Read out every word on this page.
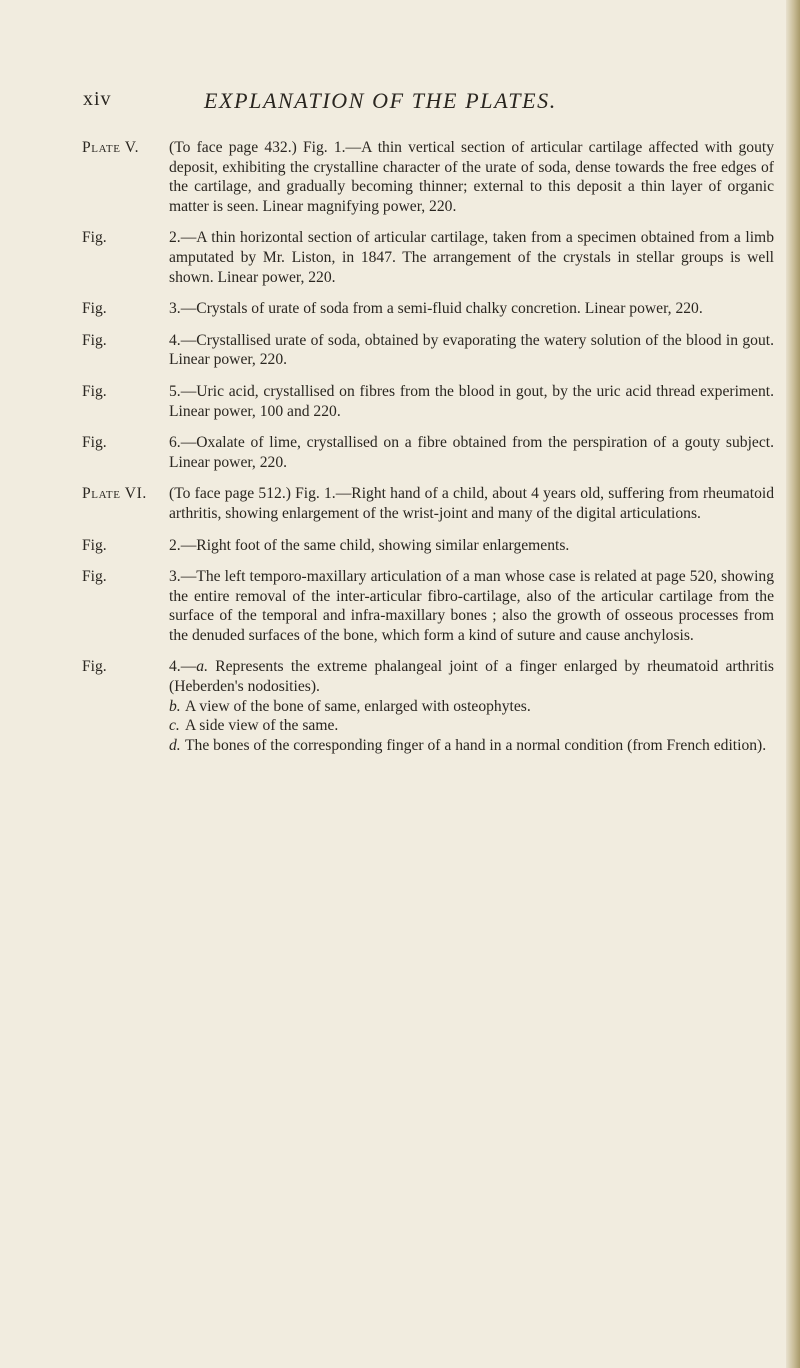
xiv	EXPLANATION OF THE PLATES.
Plate V. (To face page 432.) Fig. 1.—A thin vertical section of articular cartilage affected with gouty deposit, exhibiting the crystalline character of the urate of soda, dense towards the free edges of the cartilage, and gradually becoming thinner; external to this deposit a thin layer of organic matter is seen. Linear magnifying power, 220.
Fig.	2.—A thin horizontal section of articular cartilage, taken from a specimen obtained from a limb amputated by Mr. Liston, in 1847. The arrangement of the crystals in stellar groups is well shown. Linear power, 220.
Fig.	3.—Crystals of urate of soda from a semi-fluid chalky concretion. Linear power, 220.
Fig.	4.—Crystallised urate of soda, obtained by evaporating the watery solution of the blood in gout. Linear power, 220.
Fig.	5.—Uric acid, crystallised on fibres from the blood in gout, by the uric acid thread experiment. Linear power, 100 and 220.
Fig.	6.—Oxalate of lime, crystallised on a fibre obtained from the perspiration of a gouty subject. Linear power, 220.
Plate VI. (To face page 512.) Fig. 1.—Right hand of a child, about 4 years old, suffering from rheumatoid arthritis, showing enlargement of the wrist-joint and many of the digital articulations.
Fig.	2.—Right foot of the same child, showing similar enlargements.
Fig.	3.—The left temporo-maxillary articulation of a man whose case is related at page 520, showing the entire removal of the inter-articular fibro-cartilage, also of the articular cartilage from the surface of the temporal and infra-maxillary bones ; also the growth of osseous processes from the denuded surfaces of the bone, which form a kind of suture and cause anchylosis.
Fig.	4.—a. Represents the extreme phalangeal joint of a finger enlarged by rheumatoid arthritis (Heberden's nodosities).
b. A view of the bone of same, enlarged with osteophytes.
c. A side view of the same.
d. The bones of the corresponding finger of a hand in a normal condition (from French edition).
